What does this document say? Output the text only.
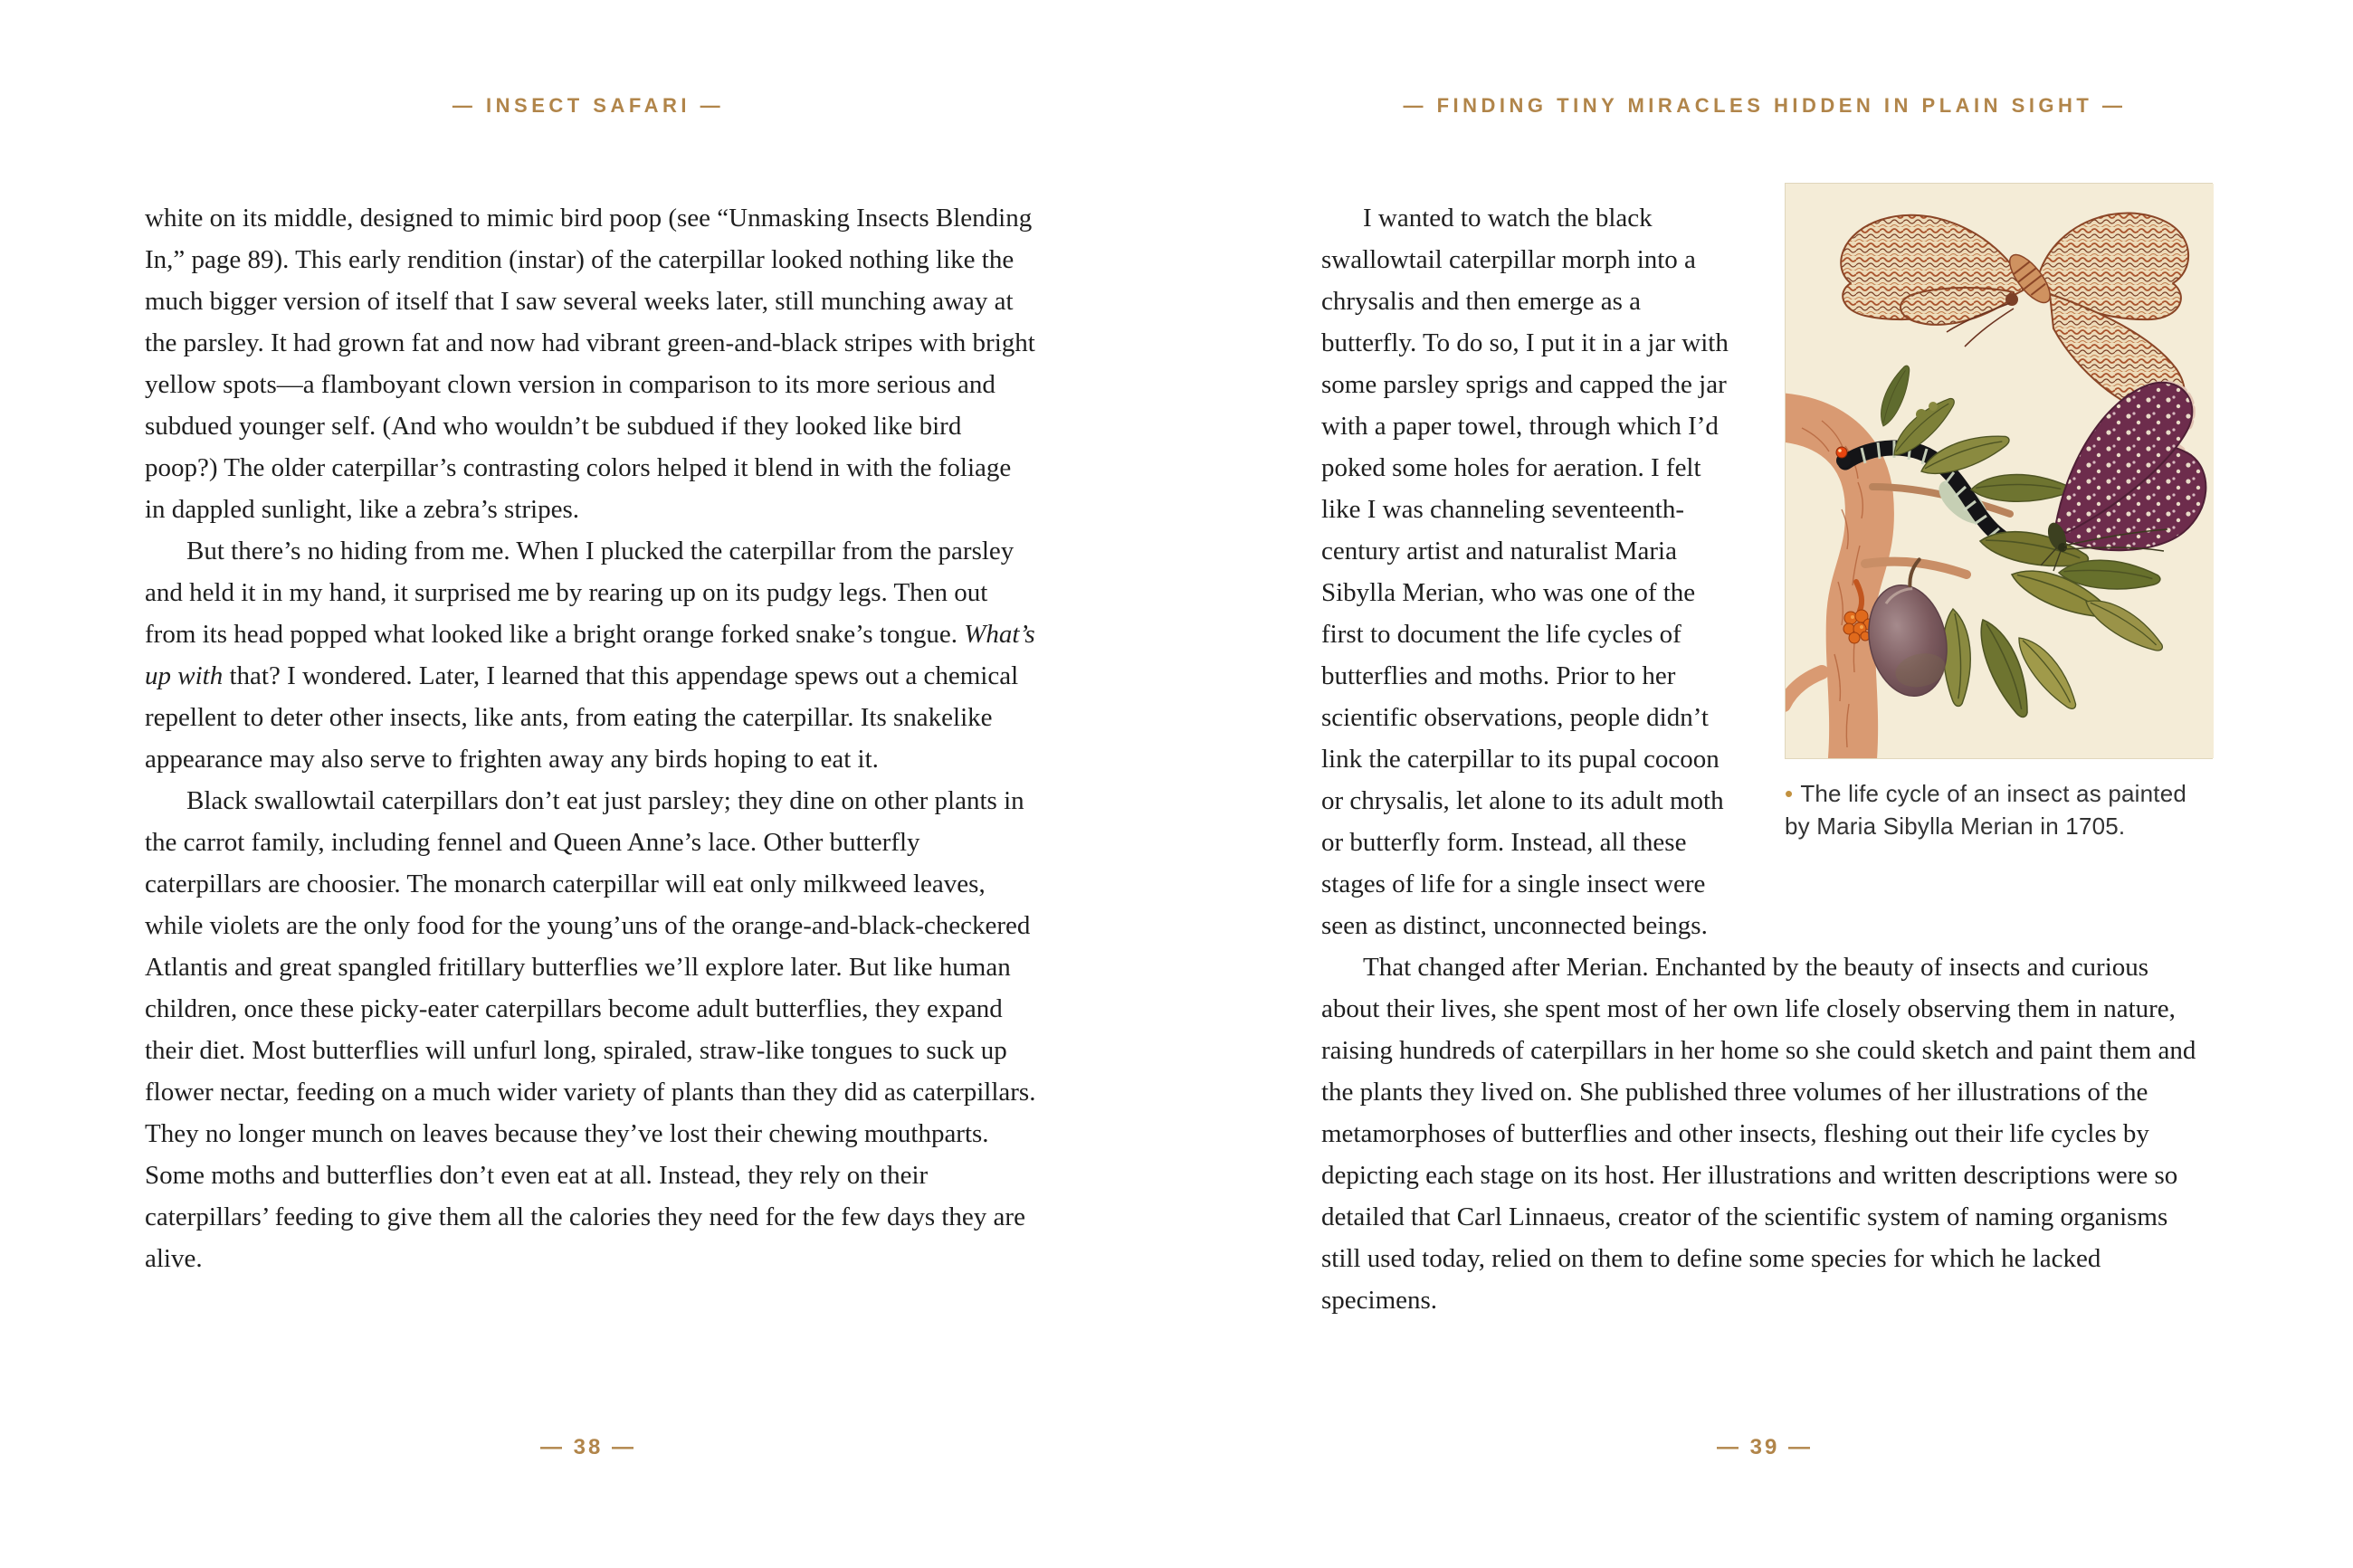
— INSECT SAFARI —

white on its middle, designed to mimic bird poop (see “Unmasking Insects Blending In,” page 89). This early rendition (instar) of the caterpillar looked nothing like the much bigger version of itself that I saw several weeks later, still munching away at the parsley. It had grown fat and now had vibrant green-and-black stripes with bright yellow spots—a flamboyant clown version in comparison to its more serious and subdued younger self. (And who wouldn’t be subdued if they looked like bird poop?) The older caterpillar’s contrasting colors helped it blend in with the foliage in dappled sunlight, like a zebra’s stripes.

But there’s no hiding from me. When I plucked the caterpillar from the parsley and held it in my hand, it surprised me by rearing up on its pudgy legs. Then out from its head popped what looked like a bright orange forked snake’s tongue. What’s up with that? I wondered. Later, I learned that this appendage spews out a chemical repellent to deter other insects, like ants, from eating the caterpillar. Its snakelike appearance may also serve to frighten away any birds hoping to eat it.

Black swallowtail caterpillars don’t eat just parsley; they dine on other plants in the carrot family, including fennel and Queen Anne’s lace. Other butterfly caterpillars are choosier. The monarch caterpillar will eat only milkweed leaves, while violets are the only food for the young’uns of the orange-and-black-checkered Atlantis and great spangled fritillary butterflies we’ll explore later. But like human children, once these picky-eater caterpillars become adult butterflies, they expand their diet. Most butterflies will unfurl long, spiraled, straw-like tongues to suck up flower nectar, feeding on a much wider variety of plants than they did as caterpillars. They no longer munch on leaves because they’ve lost their chewing mouthparts. Some moths and butterflies don’t even eat at all. Instead, they rely on their caterpillars’ feeding to give them all the calories they need for the few days they are alive.

— 38 —
— FINDING TINY MIRACLES HIDDEN IN PLAIN SIGHT —
• The life cycle of an insect as painted by Maria Sibylla Merian in 1705.

I wanted to watch the black swallowtail caterpillar morph into a chrysalis and then emerge as a butterfly. To do so, I put it in a jar with some parsley sprigs and capped the jar with a paper towel, through which I’d poked some holes for aeration. I felt like I was channeling seventeenth-century artist and naturalist Maria Sibylla Merian, who was one of the first to document the life cycles of butterflies and moths. Prior to her scientific observations, people didn’t link the caterpillar to its pupal cocoon or chrysalis, let alone to its adult moth or butterfly form. Instead, all these stages of life for a single insect were seen as distinct, unconnected beings.

That changed after Merian. Enchanted by the beauty of insects and curious about their lives, she spent most of her own life closely observing them in nature, raising hundreds of caterpillars in her home so she could sketch and paint them and the plants they lived on. She published three volumes of her illustrations of the metamorphoses of butterflies and other insects, fleshing out their life cycles by depicting each stage on its host. Her illustrations and written descriptions were so detailed that Carl Linnaeus, creator of the scientific system of naming organisms still used today, relied on them to define some species for which he lacked specimens.

— 39 —
